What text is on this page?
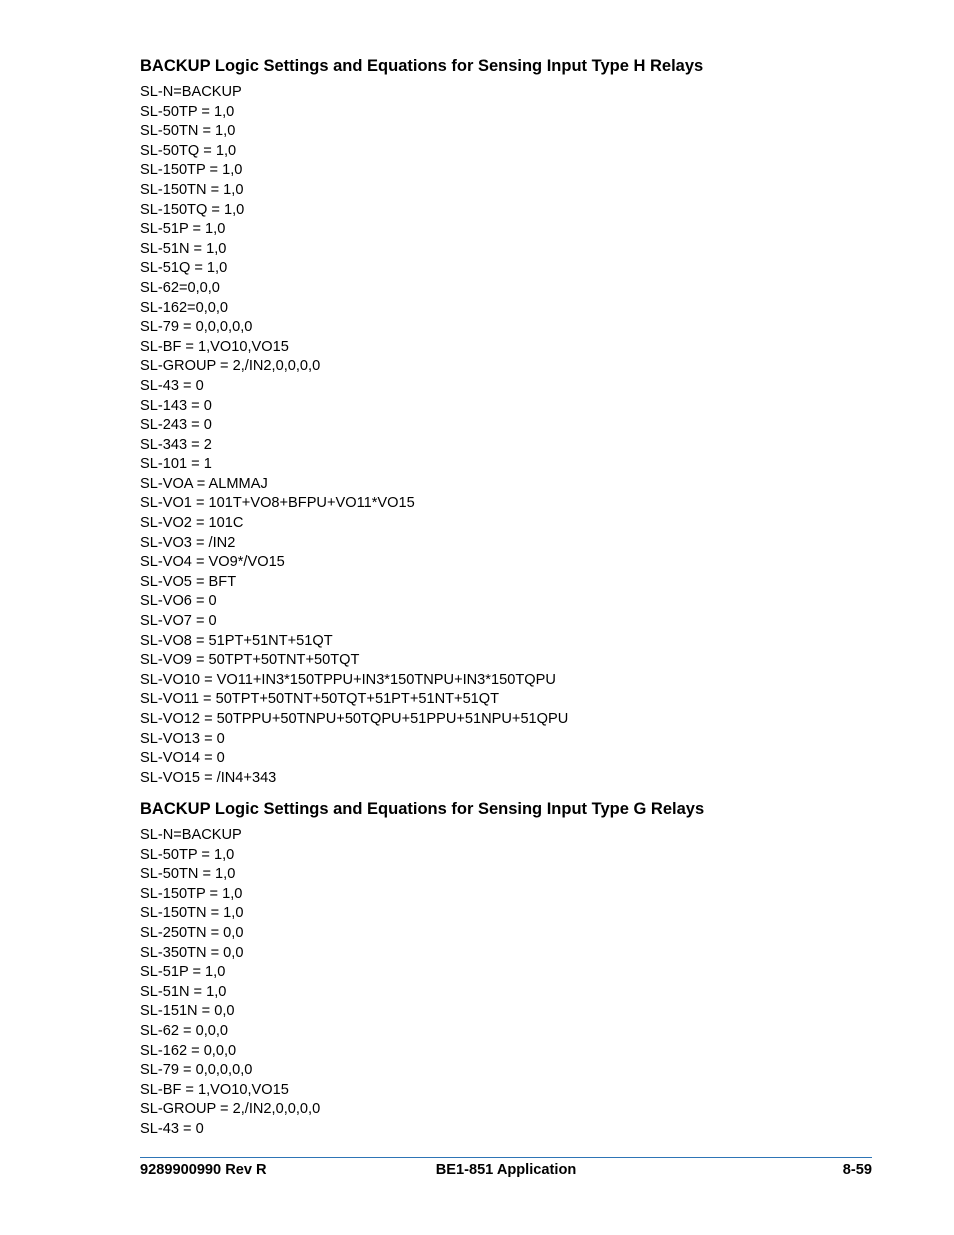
BACKUP Logic Settings and Equations for Sensing Input Type H Relays
SL-N=BACKUP
SL-50TP = 1,0
SL-50TN = 1,0
SL-50TQ = 1,0
SL-150TP = 1,0
SL-150TN = 1,0
SL-150TQ = 1,0
SL-51P = 1,0
SL-51N = 1,0
SL-51Q = 1,0
SL-62=0,0,0
SL-162=0,0,0
SL-79 = 0,0,0,0,0
SL-BF = 1,VO10,VO15
SL-GROUP = 2,/IN2,0,0,0,0
SL-43 = 0
SL-143 = 0
SL-243 = 0
SL-343 = 2
SL-101 = 1
SL-VOA = ALMMAJ
SL-VO1 = 101T+VO8+BFPU+VO11*VO15
SL-VO2 = 101C
SL-VO3 = /IN2
SL-VO4 = VO9*/VO15
SL-VO5 = BFT
SL-VO6 = 0
SL-VO7 = 0
SL-VO8 = 51PT+51NT+51QT
SL-VO9 = 50TPT+50TNT+50TQT
SL-VO10 = VO11+IN3*150TPPU+IN3*150TNPU+IN3*150TQPU
SL-VO11 = 50TPT+50TNT+50TQT+51PT+51NT+51QT
SL-VO12 = 50TPPU+50TNPU+50TQPU+51PPU+51NPU+51QPU
SL-VO13 = 0
SL-VO14 = 0
SL-VO15 = /IN4+343
BACKUP Logic Settings and Equations for Sensing Input Type G Relays
SL-N=BACKUP
SL-50TP = 1,0
SL-50TN = 1,0
SL-150TP = 1,0
SL-150TN = 1,0
SL-250TN = 0,0
SL-350TN = 0,0
SL-51P = 1,0
SL-51N = 1,0
SL-151N = 0,0
SL-62 = 0,0,0
SL-162 = 0,0,0
SL-79 = 0,0,0,0,0
SL-BF = 1,VO10,VO15
SL-GROUP = 2,/IN2,0,0,0,0
SL-43 = 0
9289900990 Rev R	BE1-851 Application	8-59
